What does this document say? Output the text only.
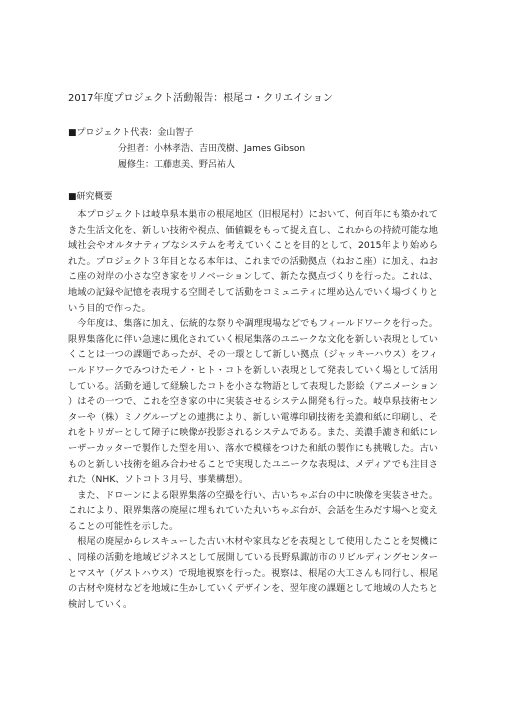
2017年度プロジェクト活動報告：根尾コ・クリエイション
■プロジェクト代表：金山智子
分担者：小林孝浩、吉田茂樹、James Gibson
履修生：工藤恵美、野呂祐人
■研究概要

本プロジェクトは岐阜県本巣市の根尾地区（旧根尾村）において、何百年にも築かれてきた生活文化を、新しい技術や視点、価値観をもって捉え直し、これからの持続可能な地域社会やオルタナティブなシステムを考えていくことを目的として、2015年より始められた。プロジェクト３年目となる本年は、これまでの活動拠点（ねおこ座）に加え、ねおこ座の対岸の小さな空き家をリノベーションして、新たな拠点づくりを行った。これは、地域の記録や記憶を表現する空間そして活動をコミュニティに埋め込んでいく場づくりという目的で作った。

今年度は、集落に加え、伝統的な祭りや調理現場などでもフィールドワークを行った。限界集落化に伴い急速に風化されていく根尾集落のユニークな文化を新しい表現としていくことは一つの課題であったが、その一環として新しい拠点（ジャッキーハウス）をフィールドワークでみつけたモノ・ヒト・コトを新しい表現として発表していく場として活用している。活動を通して経験したコトを小さな物語として表現した影絵（アニメーション）はその一つで、これを空き家の中に実装させるシステム開発も行った。岐阜県技術センターや（株）ミノグループとの連携により、新しい電導印刷技術を美濃和紙に印刷し、それをトリガーとして障子に映像が投影されるシステムである。また、美濃手漉き和紙にレーザーカッターで製作した型を用い、落水で模様をつけた和紙の製作にも挑戦した。古いものと新しい技術を組み合わせることで実現したユニークな表現は、メディアでも注目された（NHK、ソトコト３月号、事業構想）。

また、ドローンによる限界集落の空撮を行い、古いちゃぶ台の中に映像を実装させた。これにより、限界集落の廃屋に埋もれていた丸いちゃぶ台が、会話を生みだす場へと変えることの可能性を示した。

根尾の廃屋からレスキューした古い木材や家具などを表現として使用したことを契機に、同様の活動を地域ビジネスとして展開している長野県諏訪市のリビルディングセンターとマスヤ（ゲストハウス）で現地視察を行った。視察は、根尾の大工さんも同行し、根尾の古材や廃材などを地域に生かしていくデザインを、翌年度の課題として地域の人たちと検討していく。
